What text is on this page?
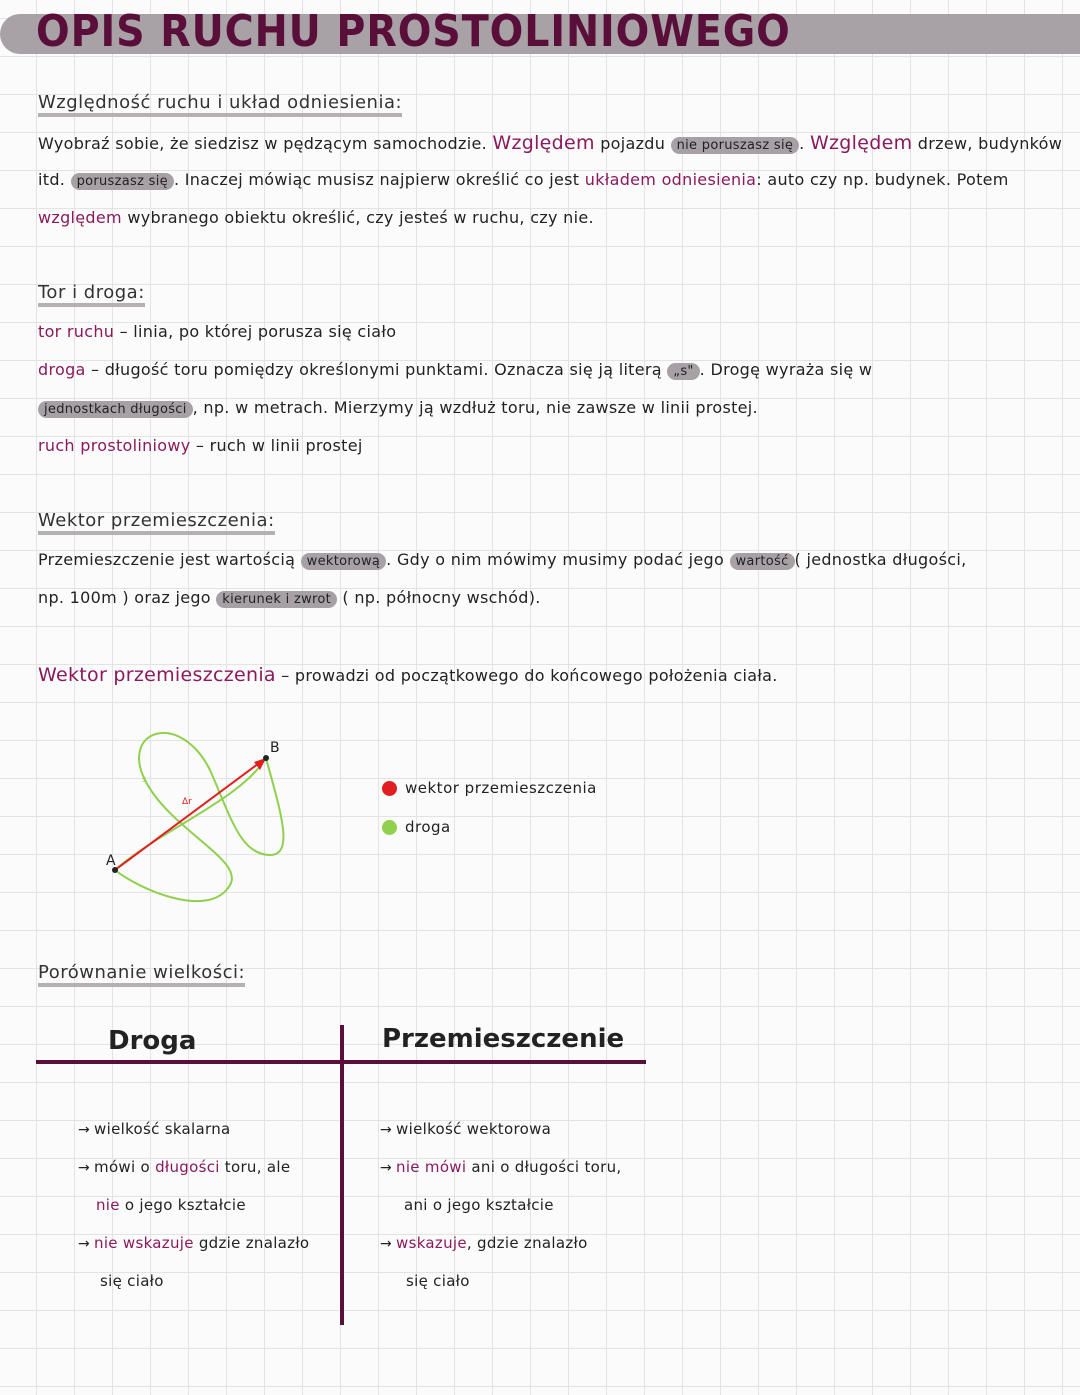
OPIS RUCHU PROSTOLINIOWEGO
Względność ruchu i układ odniesienia:
Wyobraź sobie, że siedzisz w pędzącym samochodzie. Względem pojazdu nie poruszasz się . Względem drzew, budynków
itd. poruszasz się . Inaczej mówiąc musisz najpierw określić co jest układem odniesienia: auto czy np. budynek. Potem
względem wybranego obiektu określić, czy jesteś w ruchu, czy nie.
Tor i droga:
tor ruchu – linia, po której porusza się ciało
droga – długość toru pomiędzy określonymi punktami. Oznacza się ją literą „s" . Drogę wyraża się w
jednostkach długości , np. w metrach. Mierzymy ją wzdłuż toru, nie zawsze w linii prostej.
ruch prostoliniowy – ruch w linii prostej
Wektor przemieszczenia:
Przemieszczenie jest wartością wektorową . Gdy o nim mówimy musimy podać jego wartość ( jednostka długości,
np. 100m ) oraz jego kierunek i zwrot ( np. północny wschód).
Wektor przemieszczenia – prowadzi od początkowego do końcowego położenia ciała.
A
B
s
Δr
wektor przemieszczenia
droga
Porównanie wielkości:
Droga	Przemieszczenie
→ wielkość skalarna
→ mówi o długości toru, ale
nie o jego kształcie
→ nie wskazuje gdzie znalazło
się ciało
→ wielkość wektorowa
→ nie mówi ani o długości toru,
ani o jego kształcie
→ wskazuje, gdzie znalazło
się ciało
